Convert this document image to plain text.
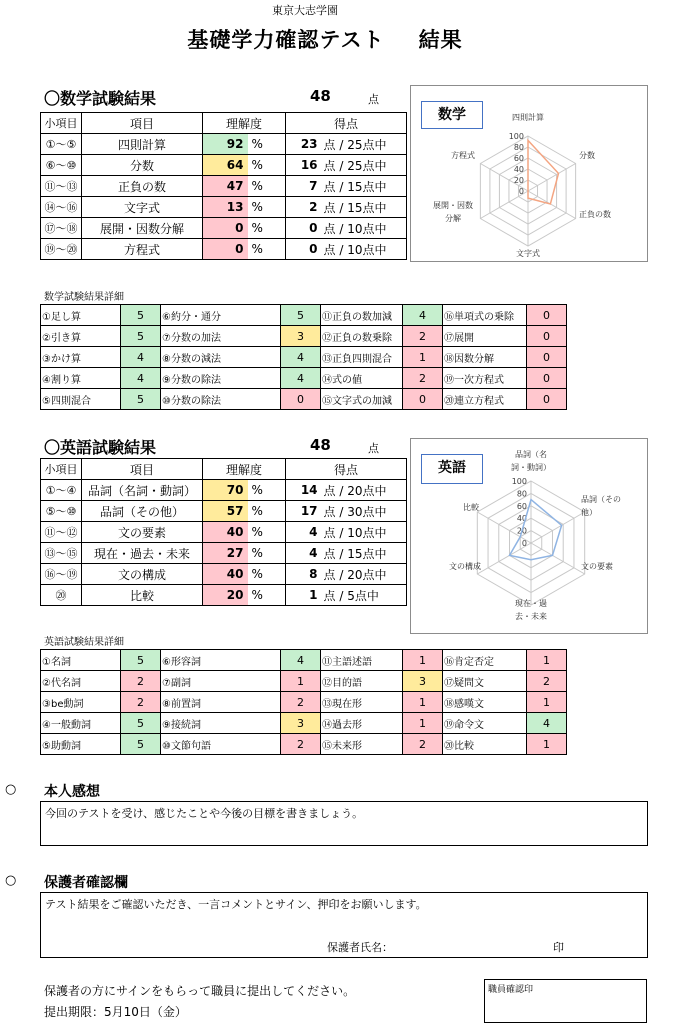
東京大志学園
基礎学力確認テスト 結果
〇数学試験結果	48	点
小項目	項目	理解度		得点	
①～⑤	四則計算	92	%	23	点 / 25点中
⑥～⑩	分数	64	%	16	点 / 25点中
⑪～⑬	正負の数	47	%	7	点 / 15点中
⑭～⑯	文字式	13	%	2	点 / 15点中
⑰～⑱	展開・因数分解	0	%	0	点 / 10点中
⑲～⑳	方程式	0	%	0	点 / 10点中
数学
0
20
40
60
80
100
四則計算
分数
正負の数
文字式
展開・因数分解
方程式
数学試験結果詳細
①足し算	5	⑥約分・通分	5	⑪正負の数加減	4	⑯単項式の乗除	0
②引き算	5	⑦分数の加法	3	⑫正負の数乗除	2	⑰展開	0
③かけ算	4	⑧分数の減法	4	⑬正負四則混合	1	⑱因数分解	0
④割り算	4	⑨分数の除法	4	⑭式の値	2	⑲一次方程式	0
⑤四則混合	5	⑩分数の除法	0	⑮文字式の加減	0	⑳連立方程式	0
〇英語試験結果	48	点
小項目	項目	理解度		得点	
①～④	品詞（名詞・動詞）	70	%	14	点 / 20点中
⑤～⑩	品詞（その他）	57	%	17	点 / 30点中
⑪～⑫	文の要素	40	%	4	点 / 10点中
⑬～⑮	現在・過去・未来	27	%	4	点 / 15点中
⑯～⑲	文の構成	40	%	8	点 / 20点中
⑳	比較	20	%	1	点 / 5点中
英語
0
20
40
60
80
100
品詞（名詞・動詞）
品詞（その他）
文の要素
現在・過去・未来
文の構成
比較
英語試験結果詳細
①名詞	5	⑥形容詞	4	⑪主語述語	1	⑯肯定否定	1
②代名詞	2	⑦副詞	1	⑫目的語	3	⑰疑問文	2
③be動詞	2	⑧前置詞	2	⑬現在形	1	⑱感嘆文	1
④一般動詞	5	⑨接続詞	3	⑭過去形	1	⑲命令文	4
⑤助動詞	5	⑩文節句語	2	⑮未来形	2	⑳比較	1
○ 本人感想
今回のテストを受け、感じたことや今後の目標を書きましょう。
○ 保護者確認欄
テスト結果をご確認いただき、一言コメントとサイン、押印をお願いします。
保護者氏名：	印
保護者の方にサインをもらって職員に提出してください。
提出期限：5月10日（金）
職員確認印
